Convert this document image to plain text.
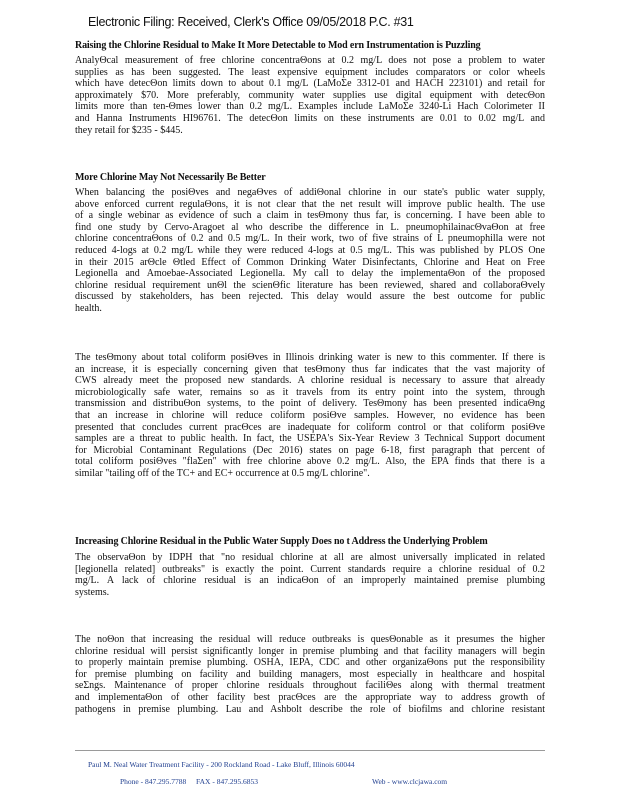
Electronic Filing: Received, Clerk's Office 09/05/2018 P.C. #31
Raising the Chlorine Residual to Make It More Detectable to Mod ern Instrumentation is Puzzling
AnalyΘcal measurement of free chlorine concentraΘons at 0.2 mg/L does not pose a problem to water
supplies as has been suggested. The least expensive equipment includes comparators or color wheels
which have detecΘon limits down to about 0.1 mg/L (LaMoΣe 3312-01 and HACH 223101) and retail for
approximately $70. More preferably, community water supplies use digital equipment with detecΘon
limits more than ten-Θmes lower than 0.2 mg/L. Examples include LaMoΣe 3240-Li Hach Colorimeter II
and Hanna Instruments HI96761. The detecΘon limits on these instruments are 0.01 to 0.02 mg/L and
they retail for $235 - $445.
More Chlorine May Not Necessarily Be Better
When balancing the posiΘves and negaΘves of addiΘonal chlorine in our state's public water supply,
above enforced current regulaΘons, it is not clear that the net result will improve public health. The use
of a single webinar as evidence of such a claim in tesΘmony thus far, is concerning. I have been able to
find one study by Cervo-Aragoet al who describe the difference in L. pneumophilainacΘvaΘon at free
chlorine concentraΘons of 0.2 and 0.5 mg/L. In their work, two of five strains of L pneumophilla were not
reduced 4-logs at 0.2 mg/L while they were reduced 4-logs at 0.5 mg/L. This was published by PLOS One
in their 2015 arΘcle Θtled Effect of Common Drinking Water Disinfectants, Chlorine and Heat on Free
Legionella and Amoebae-Associated Legionella. My call to delay the implementaΘon of the proposed
chlorine residual requirement unΘl the scienΘfic literature has been reviewed, shared and collaboraΘvely
discussed by stakeholders, has been rejected. This delay would assure the best outcome for public
health.
The tesΘmony about total coliform posiΘves in Illinois drinking water is new to this commenter. If there is
an increase, it is especially concerning given that tesΘmony thus far indicates that the vast majority of
CWS already meet the proposed new standards. A chlorine residual is necessary to assure that already
microbiologically safe water, remains so as it travels from its entry point into the system, through
transmission and distribuΘon systems, to the point of delivery. TesΘmony has been presented indicaΘng
that an increase in chlorine will reduce coliform posiΘve samples. However, no evidence has been
presented that concludes current pracΘces are inadequate for coliform control or that coliform posiΘve
samples are a threat to public health. In fact, the USEPA's Six-Year Review 3 Technical Support document
for Microbial Contaminant Regulations (Dec 2016) states on page 6-18, first paragraph that percent of
total coliform posiΘves "flaΣen" with free chlorine above 0.2 mg/L. Also, the EPA finds that there is a
similar "tailing off of the TC+ and EC+ occurrence at 0.5 mg/L chlorine".
Increasing Chlorine Residual in the Public Water Supply Does no t Address the Underlying Problem
The observaΘon by IDPH that "no residual chlorine at all are almost universally implicated in related
[legionella related] outbreaks" is exactly the point. Current standards require a chlorine residual of 0.2
mg/L. A lack of chlorine residual is an indicaΘon of an improperly maintained premise plumbing
systems.
The noΘon that increasing the residual will reduce outbreaks is quesΘonable as it presumes the higher
chlorine residual will persist significantly longer in premise plumbing and that facility managers will begin
to properly maintain premise plumbing. OSHA, IEPA, CDC and other organizaΘons put the responsibility
for premise plumbing on facility and building managers, most especially in healthcare and hospital
seΣngs. Maintenance of proper chlorine residuals throughout faciliΘes along with thermal treatment
and implementaΘon of other facility best pracΘces are the appropriate way to address growth of
pathogens in premise plumbing. Lau and Ashbolt describe the role of biofilms and chlorine resistant
Paul M. Neal Water Treatment Facility - 200 Rockland Road - Lake Bluff, Illinois 60044
Phone - 847.295.7788 FAX - 847.295.6853	Web - www.clcjawa.com
